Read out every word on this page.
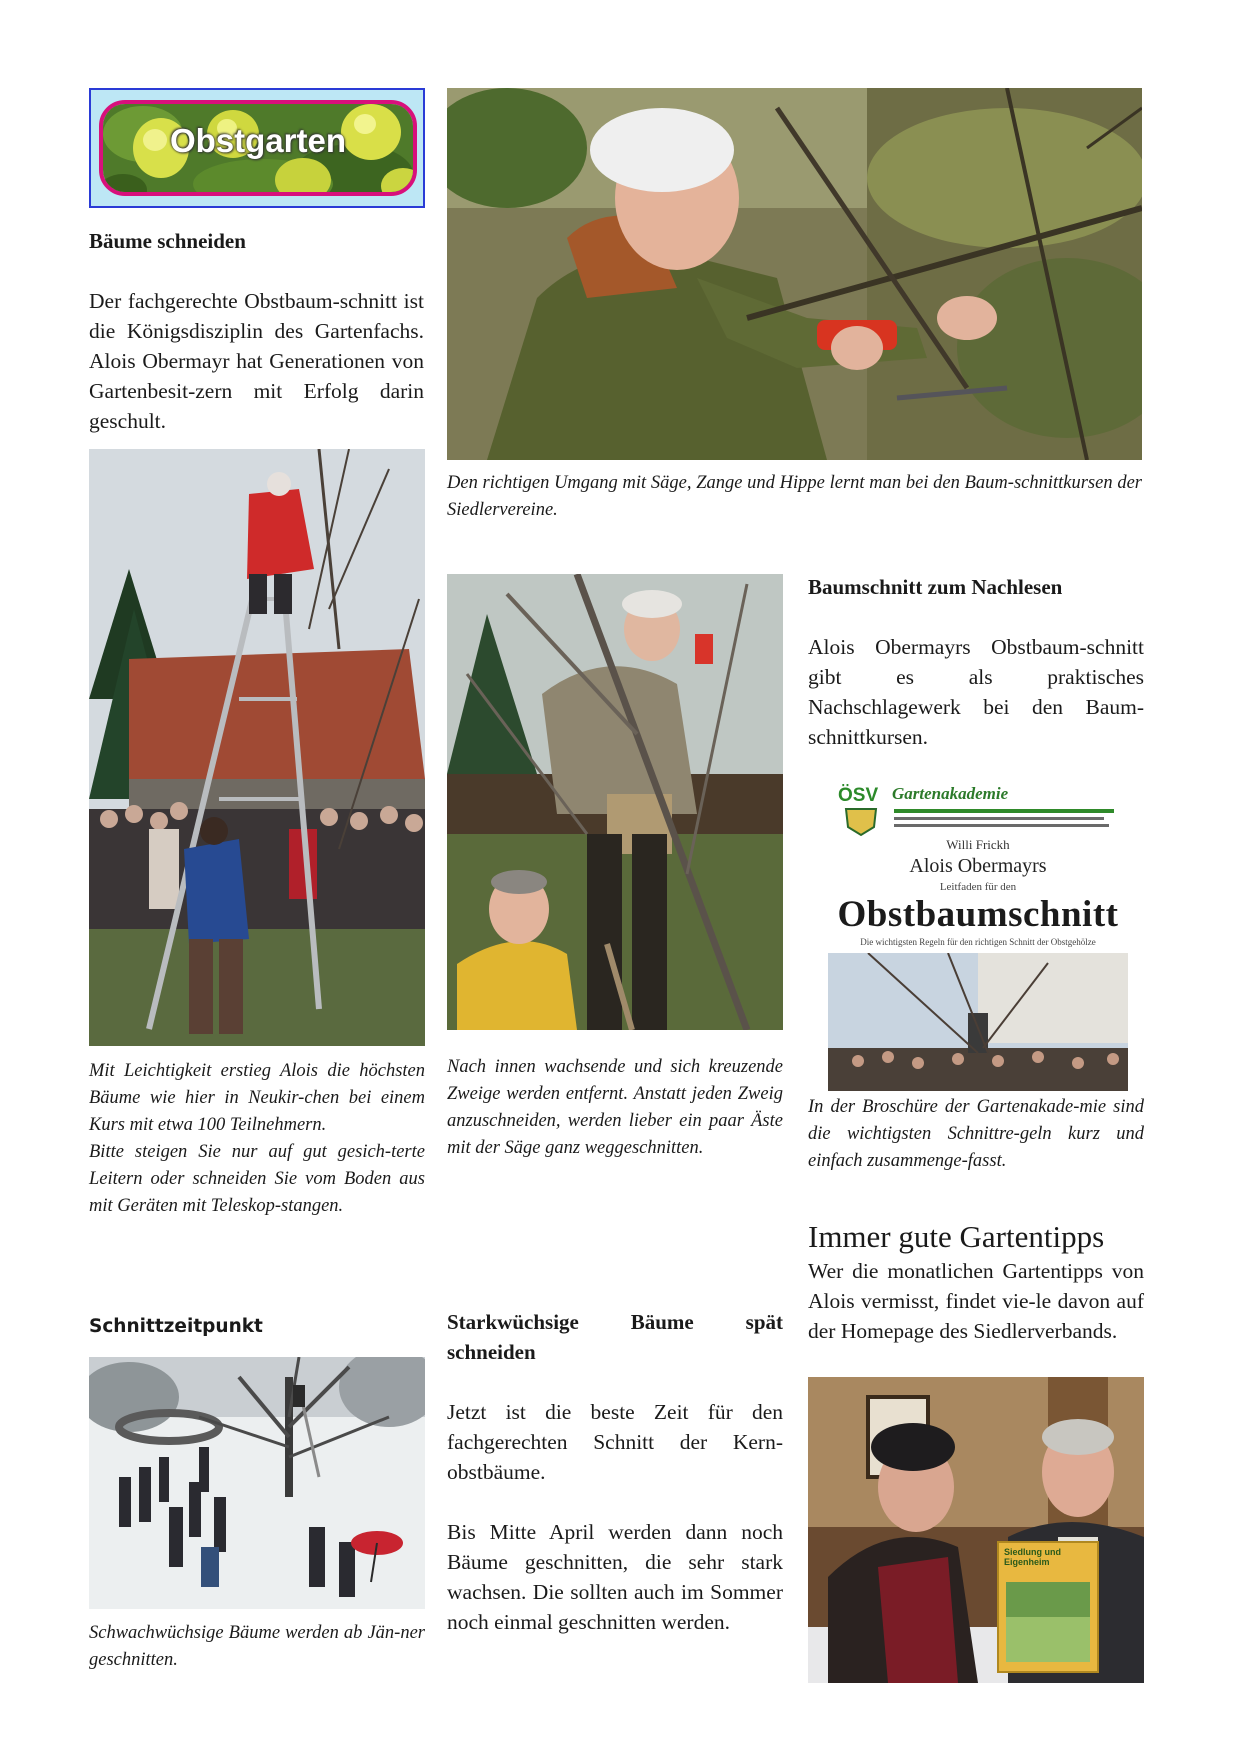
Obstgarten

Bäume schneiden

Der fachgerechte Obstbaum-schnitt ist die Königsdisziplin des Gartenfachs. Alois Obermayr hat Generationen von Gartenbesit-zern mit Erfolg darin geschult.

Den richtigen Umgang mit Säge, Zange und Hippe lernt man bei den Baum-schnittkursen der Siedlervereine.

Mit Leichtigkeit erstieg Alois die höchsten Bäume wie hier in Neukir-chen bei einem Kurs mit etwa 100 Teilnehmern.

Bitte steigen Sie nur auf gut gesich-terte Leitern oder schneiden Sie vom Boden aus mit Geräten mit Teleskop-stangen.

Nach innen wachsende und sich kreuzende Zweige werden entfernt. Anstatt jeden Zweig anzuschneiden, werden lieber ein paar Äste mit der Säge ganz weggeschnitten.

Baumschnitt zum Nachlesen

Alois Obermayrs Obstbaum-schnitt gibt es als praktisches Nachschlagewerk bei den Baum-schnittkursen.

ÖSV Gartenakademie
Willi Frickh
Alois Obermayrs
Leitfaden für den
Obstbaumschnitt
Die wichtigsten Regeln für den richtigen Schnitt der Obstgehölze

In der Broschüre der Gartenakade-mie sind die wichtigsten Schnittre-geln kurz und einfach zusammenge-fasst.

Immer gute Gartentipps

Wer die monatlichen Gartentipps von Alois vermisst, findet vie-le davon auf der Homepage des Siedlerverbands.

Siedlung und Eigenheim

Schnittzeitpunkt

Schwachwüchsige Bäume werden ab Jän-ner geschnitten.

Starkwüchsige Bäume spät schneiden

Jetzt ist die beste Zeit für den fachgerechten Schnitt der Kern-obstbäume.

Bis Mitte April werden dann noch Bäume geschnitten, die sehr stark wachsen. Die sollten auch im Sommer noch einmal geschnitten werden.
